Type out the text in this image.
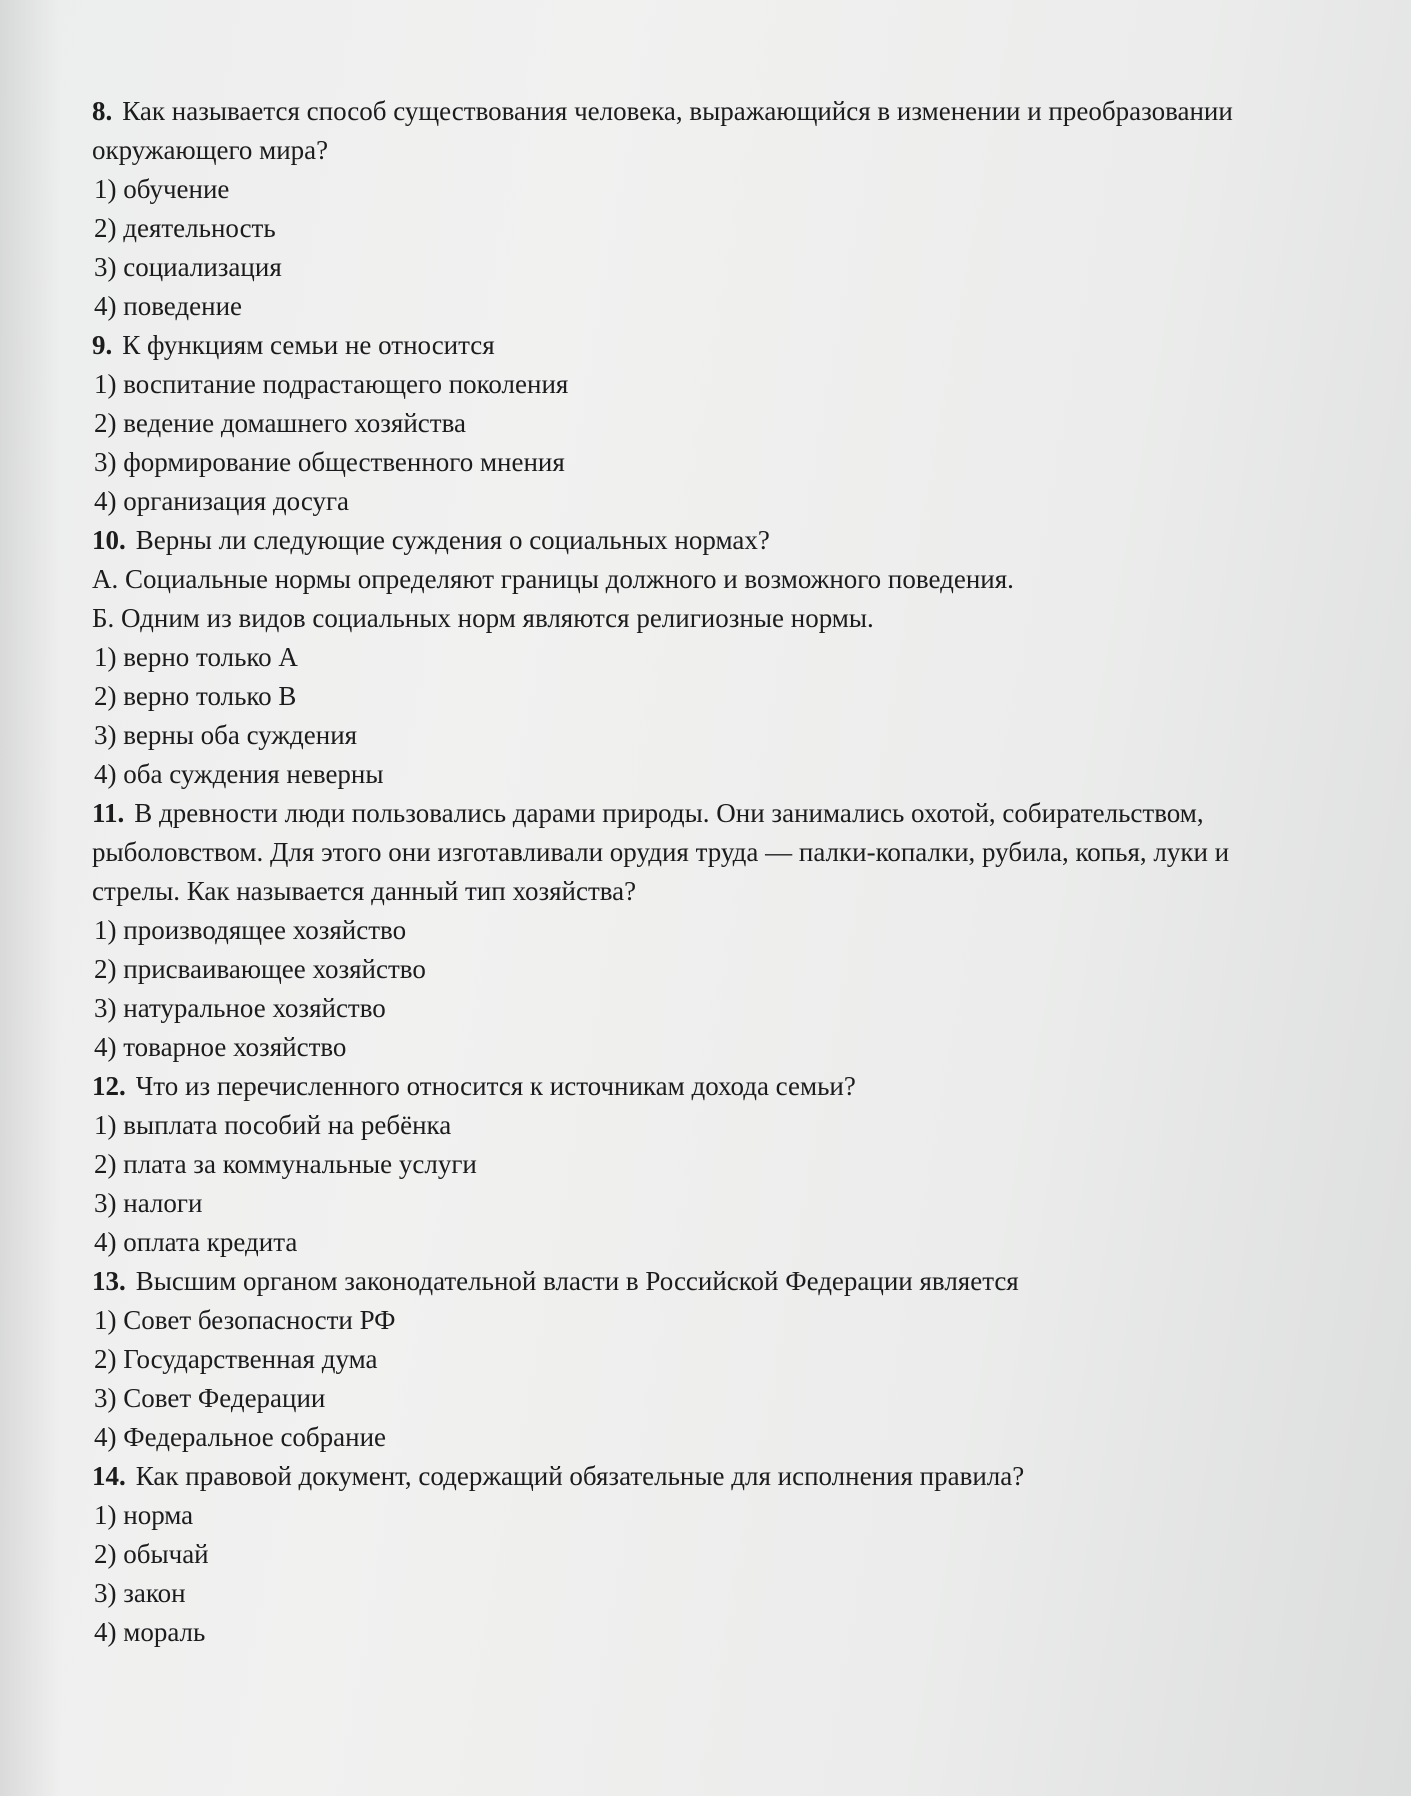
8. Как называется способ существования человека, выражающийся в изменении и преобразовании
окружающего мира?
1) обучение
2) деятельность
3) социализация
4) поведение
9. К функциям семьи не относится
1) воспитание подрастающего поколения
2) ведение домашнего хозяйства
3) формирование общественного мнения
4) организация досуга
10. Верны ли следующие суждения о социальных нормах?
А. Социальные нормы определяют границы должного и возможного поведения.
Б. Одним из видов социальных норм являются религиозные нормы.
1) верно только А
2) верно только В
3) верны оба суждения
4) оба суждения неверны
11. В древности люди пользовались дарами природы. Они занимались охотой, собирательством,
рыболовством. Для этого они изготавливали орудия труда — палки-копалки, рубила, копья, луки и
стрелы. Как называется данный тип хозяйства?
1) производящее хозяйство
2) присваивающее хозяйство
3) натуральное хозяйство
4) товарное хозяйство
12. Что из перечисленного относится к источникам дохода семьи?
1) выплата пособий на ребёнка
2) плата за коммунальные услуги
3) налоги
4) оплата кредита
13. Высшим органом законодательной власти в Российской Федерации является
1) Совет безопасности РФ
2) Государственная дума
3) Совет Федерации
4) Федеральное собрание
14. Как правовой документ, содержащий обязательные для исполнения правила?
1) норма
2) обычай
3) закон
4) мораль
